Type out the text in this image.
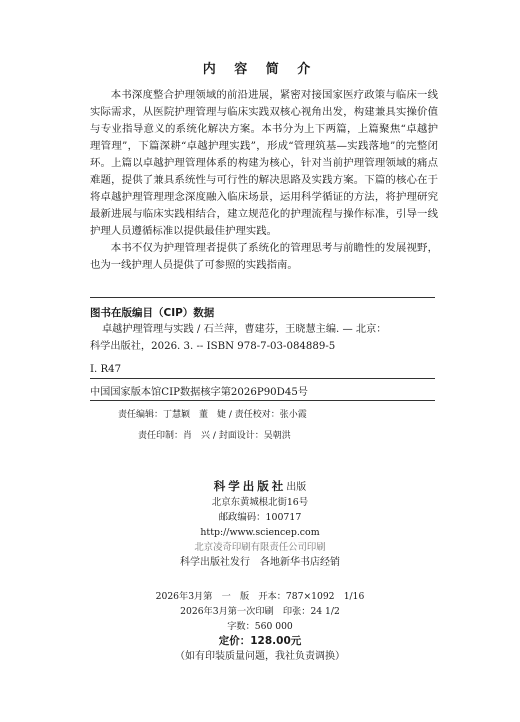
内 容 简 介

本书深度整合护理领域的前沿进展，紧密对接国家医疗政策与临床一线实际需求，从医院护理管理与临床实践双核心视角出发，构建兼具实操价值与专业指导意义的系统化解决方案。本书分为上下两篇，上篇聚焦“卓越护理管理”，下篇深耕“卓越护理实践”，形成“管理筑基—实践落地”的完整闭环。上篇以卓越护理管理体系的构建为核心，针对当前护理管理领域的痛点难题，提供了兼具系统性与可行性的解决思路及实践方案。下篇的核心在于将卓越护理管理理念深度融入临床场景，运用科学循证的方法，将护理研究最新进展与临床实践相结合，建立规范化的护理流程与操作标准，引导一线护理人员遵循标准以提供最佳护理实践。

本书不仅为护理管理者提供了系统化的管理思考与前瞻性的发展视野，也为一线护理人员提供了可参照的实践指南。

图书在版编目（CIP）数据
卓越护理管理与实践 / 石兰萍，曹建芬，王晓慧主编. — 北京：
科学出版社，2026. 3. -- ISBN 978-7-03-084889-5
Ⅰ. R47
中国国家版本馆CIP数据核字第2026P90D45号
责任编辑：丁慧颖　董　婕 / 责任校对：张小霞
责任印制：肖　兴 / 封面设计：吴朝洪
科学出版社出版
北京东黄城根北街16号
邮政编码：100717
http://www.sciencep.com
北京凌奇印刷有限责任公司印刷
科学出版社发行　各地新华书店经销
2026年3月第　一　版　开本：787×1092　1/16
2026年3月第一次印刷　印张：24 1/2
字数：560 000
定价：128.00元
（如有印装质量问题，我社负责调换）
